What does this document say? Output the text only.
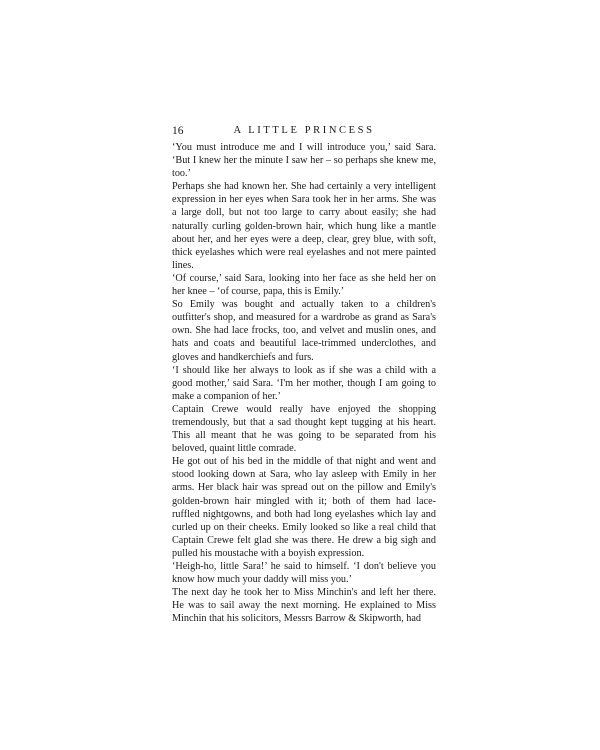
16	A LITTLE PRINCESS

‘You must introduce me and I will introduce you,’ said Sara. ‘But I knew her the minute I saw her – so perhaps she knew me, too.’

Perhaps she had known her. She had certainly a very intelligent expression in her eyes when Sara took her in her arms. She was a large doll, but not too large to carry about easily; she had naturally curling golden-brown hair, which hung like a mantle about her, and her eyes were a deep, clear, grey blue, with soft, thick eyelashes which were real eyelashes and not mere painted lines.

‘Of course,’ said Sara, looking into her face as she held her on her knee – ‘of course, papa, this is Emily.’

So Emily was bought and actually taken to a children's outfitter's shop, and measured for a wardrobe as grand as Sara's own. She had lace frocks, too, and velvet and muslin ones, and hats and coats and beautiful lace-trimmed underclothes, and gloves and handkerchiefs and furs.

‘I should like her always to look as if she was a child with a good mother,’ said Sara. ‘I'm her mother, though I am going to make a companion of her.’

Captain Crewe would really have enjoyed the shopping tremendously, but that a sad thought kept tugging at his heart. This all meant that he was going to be separated from his beloved, quaint little comrade.

He got out of his bed in the middle of that night and went and stood looking down at Sara, who lay asleep with Emily in her arms. Her black hair was spread out on the pillow and Emily's golden-brown hair mingled with it; both of them had lace-ruffled nightgowns, and both had long eyelashes which lay and curled up on their cheeks. Emily looked so like a real child that Captain Crewe felt glad she was there. He drew a big sigh and pulled his moustache with a boyish expression.

‘Heigh-ho, little Sara!’ he said to himself. ‘I don't believe you know how much your daddy will miss you.’

The next day he took her to Miss Minchin's and left her there. He was to sail away the next morning. He explained to Miss Minchin that his solicitors, Messrs Barrow & Skipworth, had
